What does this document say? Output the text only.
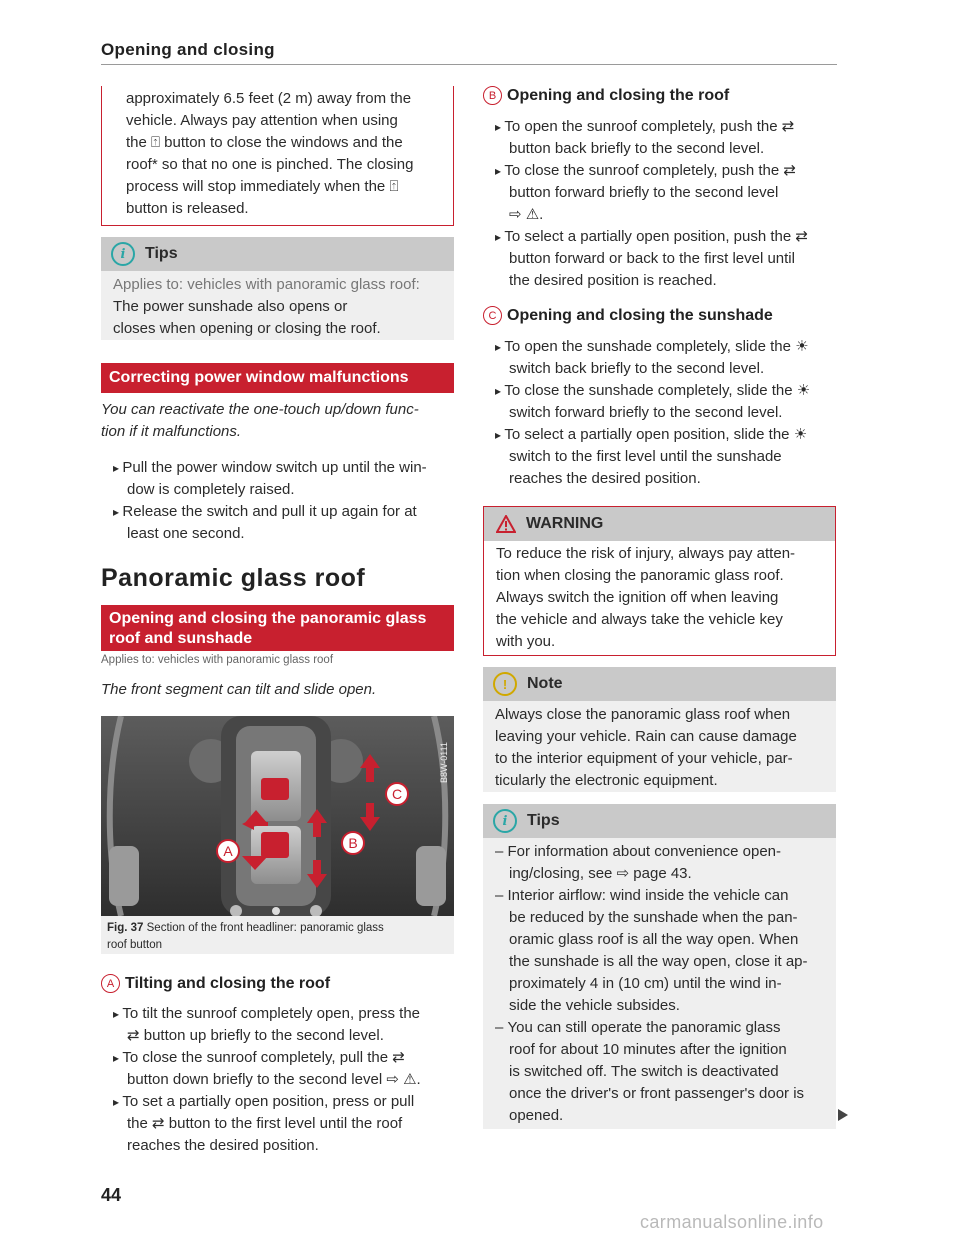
Opening and closing
approximately 6.5 feet (2 m) away from the
vehicle. Always pay attention when using
the ⍐ button to close the windows and the
roof* so that no one is pinched. The closing
process will stop immediately when the ⍐
button is released.
i	Tips
Applies to: vehicles with panoramic glass roof:
The power sunshade also opens or
closes when opening or closing the roof.
Correcting power window malfunctions
You can reactivate the one-touch up/down func-
tion if it malfunctions.
▸ Pull the power window switch up until the win-
dow is completely raised.
▸ Release the switch and pull it up again for at
least one second.
Panoramic glass roof
Opening and closing the panoramic glass
roof and sunshade
Applies to: vehicles with panoramic glass roof
The front segment can tilt and slide open.
C
B
A
B8W-0111
Fig. 37 Section of the front headliner: panoramic glass
roof button
A Tilting and closing the roof
▸ To tilt the sunroof completely open, press the
⇄ button up briefly to the second level.
▸ To close the sunroof completely, pull the ⇄
button down briefly to the second level ⇨ ⚠.
▸ To set a partially open position, press or pull
the ⇄ button to the first level until the roof
reaches the desired position.
44
B Opening and closing the roof
▸ To open the sunroof completely, push the ⇄
button back briefly to the second level.
▸ To close the sunroof completely, push the ⇄
button forward briefly to the second level
⇨ ⚠.
▸ To select a partially open position, push the ⇄
button forward or back to the first level until
the desired position is reached.
C Opening and closing the sunshade
▸ To open the sunshade completely, slide the ☀
switch back briefly to the second level.
▸ To close the sunshade completely, slide the ☀
switch forward briefly to the second level.
▸ To select a partially open position, slide the ☀
switch to the first level until the sunshade
reaches the desired position.
WARNING
To reduce the risk of injury, always pay atten-
tion when closing the panoramic glass roof.
Always switch the ignition off when leaving
the vehicle and always take the vehicle key
with you.
!	Note
Always close the panoramic glass roof when
leaving your vehicle. Rain can cause damage
to the interior equipment of your vehicle, par-
ticularly the electronic equipment.
i	Tips
– For information about convenience open-
ing/closing, see ⇨ page 43.
– Interior airflow: wind inside the vehicle can
be reduced by the sunshade when the pan-
oramic glass roof is all the way open. When
the sunshade is all the way open, close it ap-
proximately 4 in (10 cm) until the wind in-
side the vehicle subsides.
– You can still operate the panoramic glass
roof for about 10 minutes after the ignition
is switched off. The switch is deactivated
once the driver's or front passenger's door is
opened.
carmanualsonline.info
